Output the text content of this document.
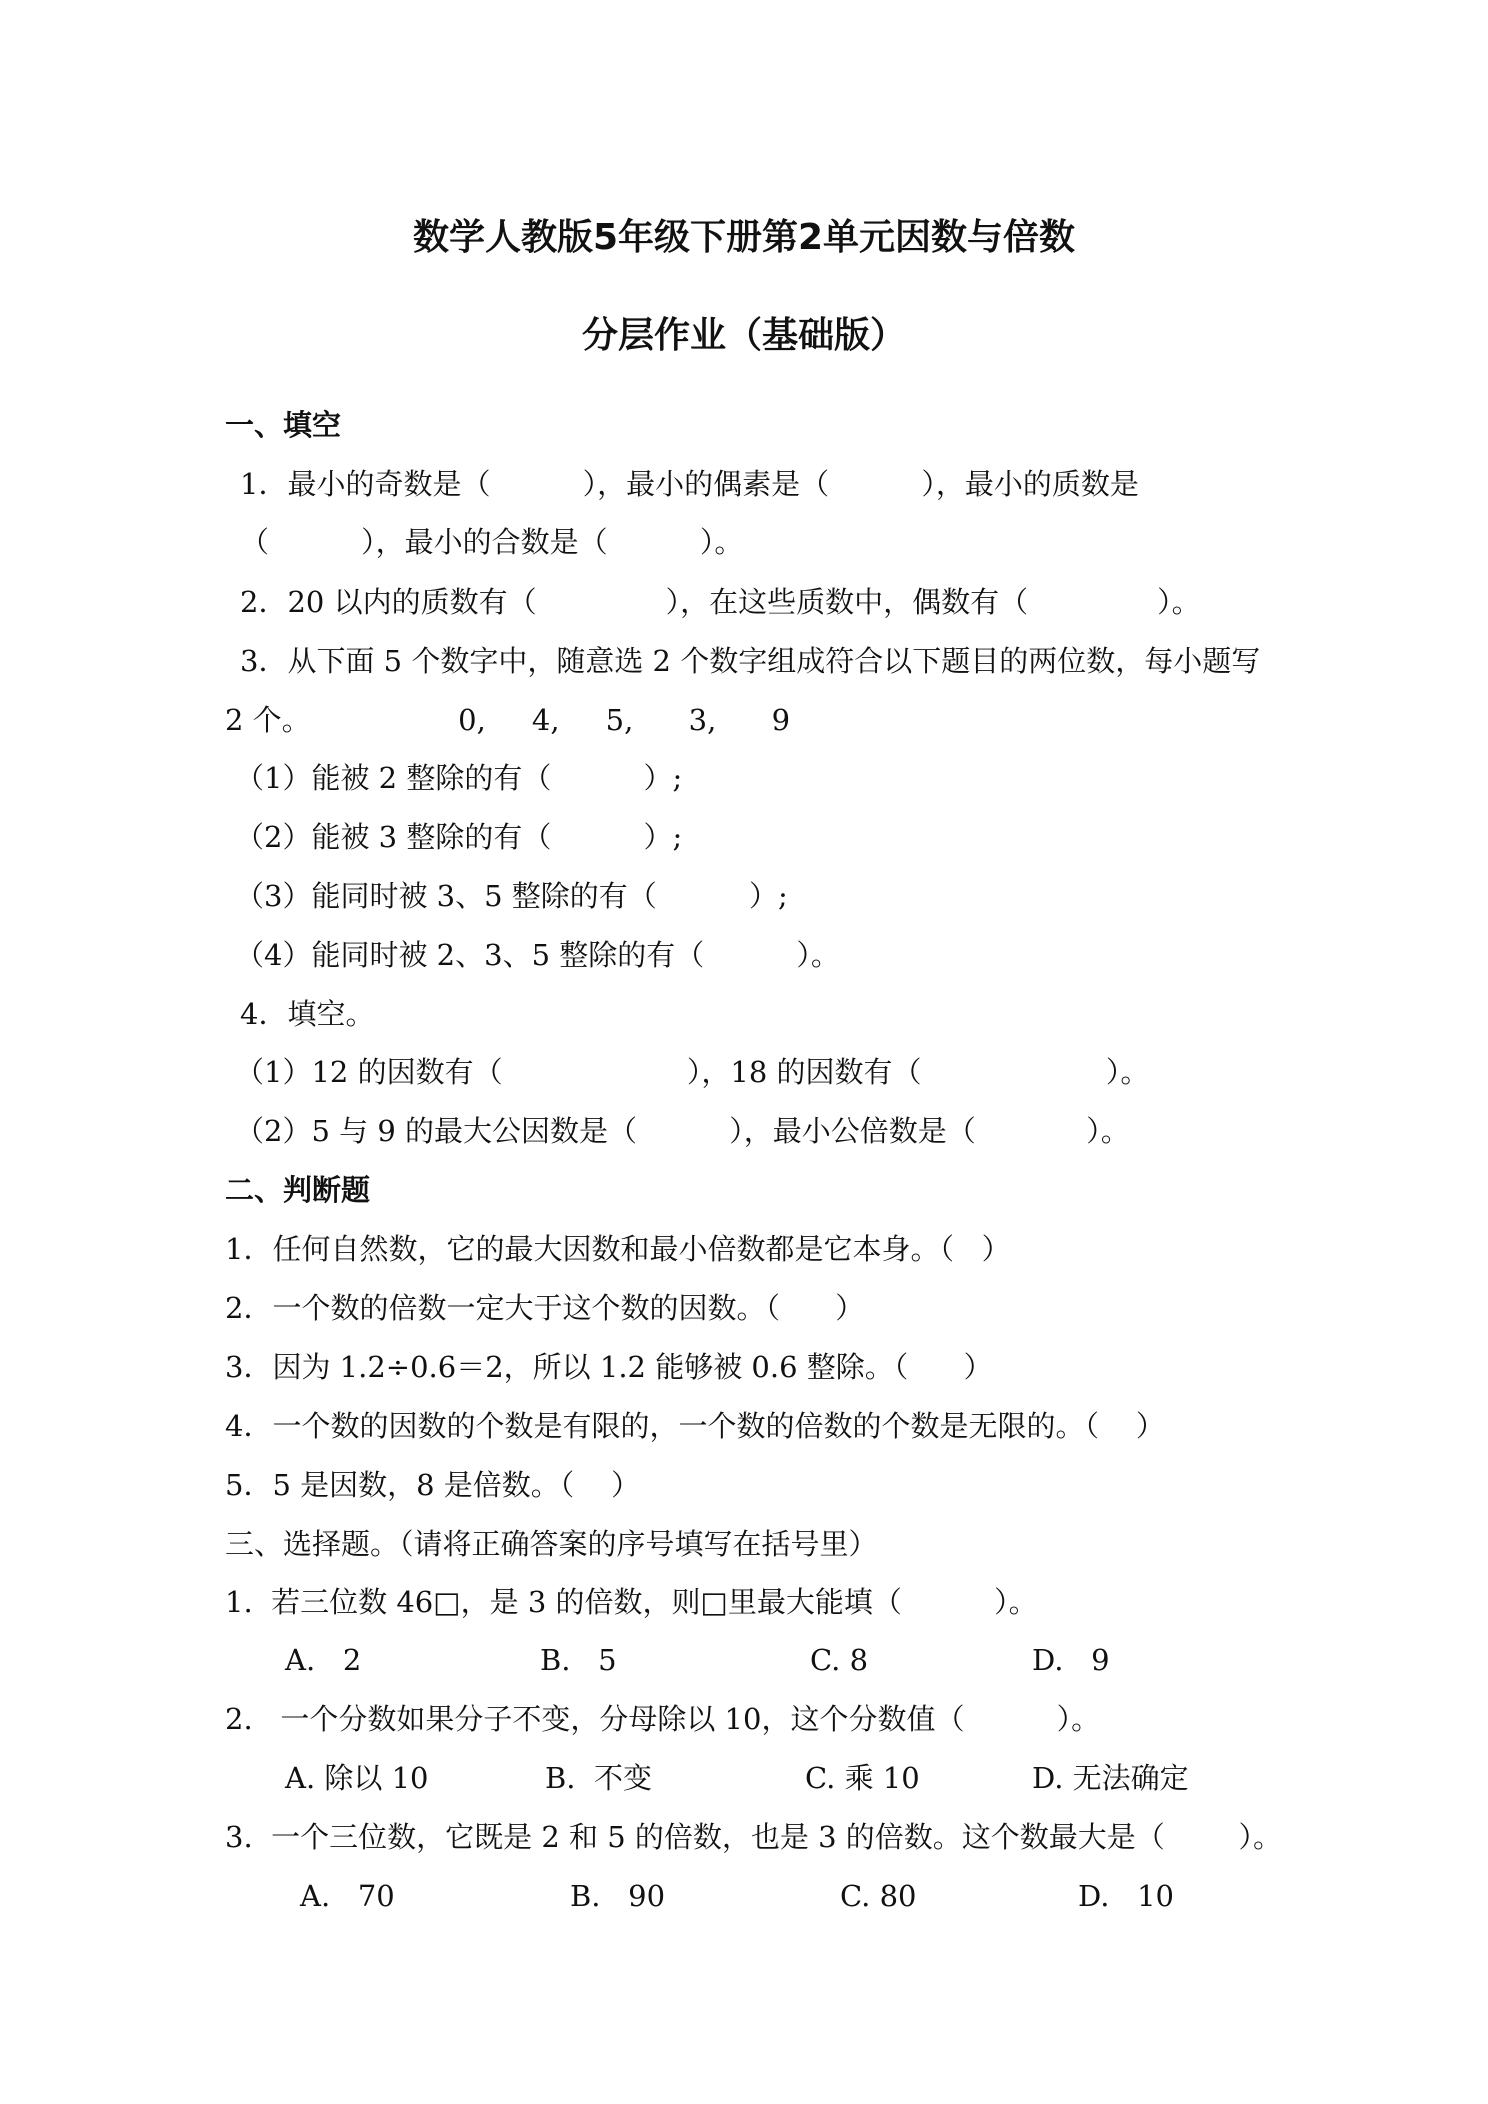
数学人教版5年级下册第2单元因数与倍数
分层作业（基础版）
一、填空

1．最小的奇数是（          ），最小的偶素是（          ），最小的质数是

（          ），最小的合数是（          ）。

2．20 以内的质数有（              ），在这些质数中，偶数有（              ）。

3．从下面 5 个数字中，随意选 2 个数字组成符合以下题目的两位数，每小题写

2 个。                0,     4,     5,      3,      9

（1）能被 2 整除的有（          ）;

（2）能被 3 整除的有（          ）;

（3）能同时被 3、5 整除的有（          ）;

（4）能同时被 2、3、5 整除的有（          ）。

4．填空。

（1）12 的因数有（                    ），18 的因数有（                    ）。

（2）5 与 9 的最大公因数是（          ），最小公倍数是（            ）。

二、判断题

1．任何自然数，它的最大因数和最小倍数都是它本身。（   ）

2．一个数的倍数一定大于这个数的因数。（      ）

3．因为 1.2÷0.6＝2，所以 1.2 能够被 0.6 整除。（      ）

4．一个数的因数的个数是有限的，一个数的倍数的个数是无限的。（    ）

5．5 是因数，8 是倍数。（    ）

三、选择题。（请将正确答案的序号填写在括号里）

1.  若三位数 46□，是 3 的倍数，则□里最大能填（          ）。

A.   2	B.   5	C. 8	D.   9

2.   一个分数如果分子不变，分母除以 10，这个分数值（          ）。

A. 除以 10	B.  不变	C. 乘 10	D. 无法确定

3.  一个三位数，它既是 2 和 5 的倍数，也是 3 的倍数。这个数最大是（        ）。

A.   70	B.   90	C. 80	D.   10
